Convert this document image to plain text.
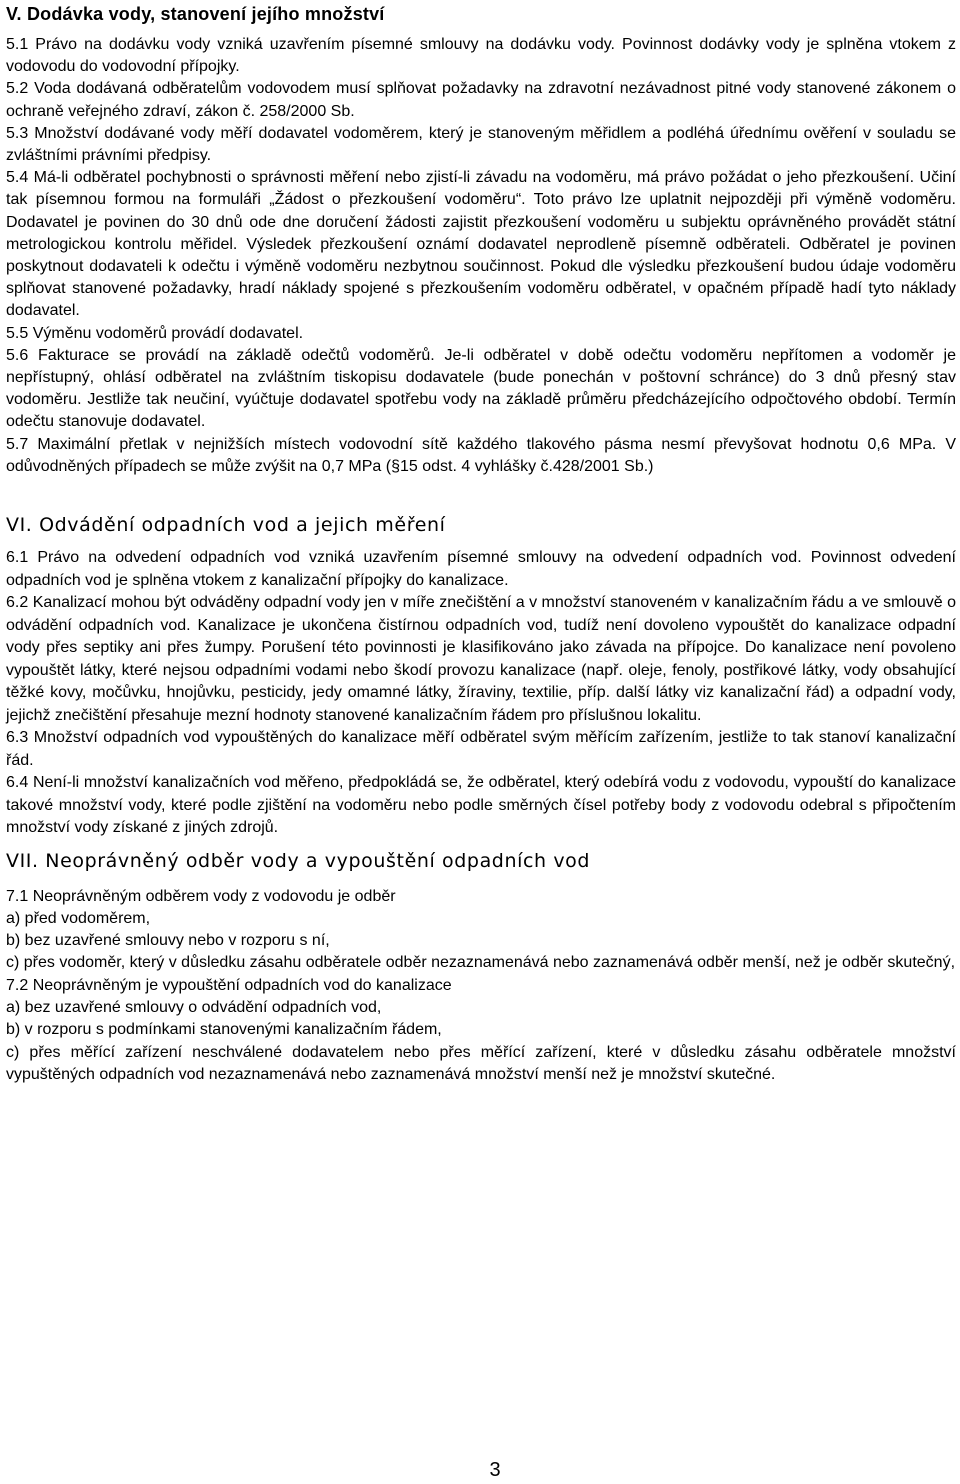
V. Dodávka vody, stanovení jejího množství

5.1 Právo na dodávku vody vzniká uzavřením písemné smlouvy na dodávku vody. Povinnost dodávky vody je splněna vtokem z vodovodu do vodovodní přípojky.

5.2 Voda dodávaná odběratelům vodovodem musí splňovat požadavky na zdravotní nezávadnost pitné vody stanovené zákonem o ochraně veřejného zdraví, zákon č. 258/2000 Sb.

5.3 Množství dodávané vody měří dodavatel vodoměrem, který je stanoveným měřidlem a podléhá úřednímu ověření v souladu se zvláštními právními předpisy.

5.4 Má-li odběratel pochybnosti o správnosti měření nebo zjistí-li závadu na vodoměru, má právo požádat o jeho přezkoušení. Učiní tak písemnou formou na formuláři „Žádost o přezkoušení vodoměru“. Toto právo lze uplatnit nejpozději při výměně vodoměru. Dodavatel je povinen do 30 dnů ode dne doručení žádosti zajistit přezkoušení vodoměru u subjektu oprávněného provádět státní metrologickou kontrolu měřidel. Výsledek přezkoušení oznámí dodavatel neprodleně písemně odběrateli. Odběratel je povinen poskytnout dodavateli k odečtu i výměně vodoměru nezbytnou součinnost. Pokud dle výsledku přezkoušení budou údaje vodoměru splňovat stanovené požadavky, hradí náklady spojené s přezkoušením vodoměru odběratel, v opačném případě hadí tyto náklady dodavatel.

5.5 Výměnu vodoměrů provádí dodavatel.

5.6 Fakturace se provádí na základě odečtů vodoměrů. Je-li odběratel v době odečtu vodoměru nepřítomen a vodoměr je nepřístupný, ohlásí odběratel na zvláštním tiskopisu dodavatele (bude ponechán v poštovní schránce) do 3 dnů přesný stav vodoměru. Jestliže tak neučiní, vyúčtuje dodavatel spotřebu vody na základě průměru předcházejícího odpočtového období. Termín odečtu stanovuje dodavatel.

5.7 Maximální přetlak v nejnižších místech vodovodní sítě každého tlakového pásma nesmí převyšovat hodnotu 0,6 MPa. V odůvodněných případech se může zvýšit na 0,7 MPa (§15 odst. 4 vyhlášky č.428/2001 Sb.)

VI. Odvádění odpadních vod a jejich měření

6.1 Právo na odvedení odpadních vod vzniká uzavřením písemné smlouvy na odvedení odpadních vod. Povinnost odvedení odpadních vod je splněna vtokem z kanalizační přípojky do kanalizace.

6.2 Kanalizací mohou být odváděny odpadní vody jen v míře znečištění a v množství stanoveném v kanalizačním řádu a ve smlouvě o odvádění odpadních vod. Kanalizace je ukončena čistírnou odpadních vod, tudíž není dovoleno vypouštět do kanalizace odpadní vody přes septiky ani přes žumpy. Porušení této povinnosti je klasifikováno jako závada na přípojce. Do kanalizace není povoleno vypouštět látky, které nejsou odpadními vodami nebo škodí provozu kanalizace (např. oleje, fenoly, postřikové látky, vody obsahující těžké kovy, močůvku, hnojůvku, pesticidy, jedy omamné látky, žíraviny, textilie, příp. další látky viz kanalizační řád) a odpadní vody, jejichž znečištění přesahuje mezní hodnoty stanovené kanalizačním řádem pro příslušnou lokalitu.

6.3 Množství odpadních vod vypouštěných do kanalizace měří odběratel svým měřícím zařízením, jestliže to tak stanoví kanalizační řád.

6.4 Není-li množství kanalizačních vod měřeno, předpokládá se, že odběratel, který odebírá vodu z vodovodu, vypouští do kanalizace takové množství vody, které podle zjištění na vodoměru nebo podle směrných čísel potřeby body z vodovodu odebral s připočtením množství vody získané z jiných zdrojů.

VII. Neoprávněný odběr vody a vypouštění odpadních vod

7.1 Neoprávněným odběrem vody z vodovodu je odběr

a) před vodoměrem,

b) bez uzavřené smlouvy nebo v rozporu s ní,

c) přes vodoměr, který v důsledku zásahu odběratele odběr nezaznamenává nebo zaznamenává odběr menší, než je odběr skutečný,

7.2 Neoprávněným je vypouštění odpadních vod do kanalizace

a) bez uzavřené smlouvy o odvádění odpadních vod,

b) v rozporu s podmínkami stanovenými kanalizačním řádem,

c) přes měřící zařízení neschválené dodavatelem nebo přes měřící zařízení, které v důsledku zásahu odběratele množství vypuštěných odpadních vod nezaznamenává nebo zaznamenává množství menší než je množství skutečné.

3
